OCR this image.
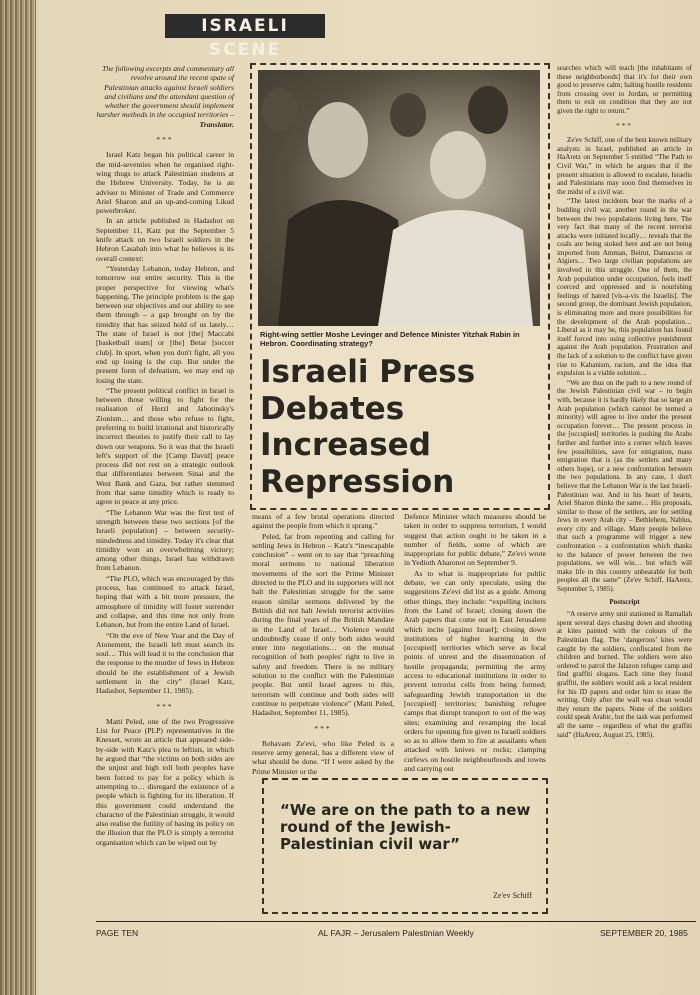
ISRAELI SCENE

The following excerpts and commentary all revolve around the recent spate of Palestinian attacks against Israeli soldiers and civilians and the attendant question of whether the government should implement harsher methods in the occupied territories – Translator.

***

Israel Katz began his political career in the mid-seventies when he organised right-wing thugs to attack Palestinian students at the Hebrew University. Today, he is an adviser to Minister of Trade and Commerce Ariel Sharon and an up-and-coming Likud powerbroker.

In an article published in Hadashot on September 11, Katz put the September 5 knife attack on two Israeli soldiers in the Hebron Casabah into what he believes is its overall context:

“Yesterday Lebanon, today Hebron, and tomorrow our entire security. This is the proper perspective for viewing what's happening. The principle problem is the gap between our objectives and our ability to see them through – a gap brought on by the timidity that has seized hold of us lately… The state of Israel is not [the] Maccabi [basketball team] or [the] Betar [soccer club]. In sport, when you don't fight, all you end up losing is the cup. But under the present form of defeatism, we may end up losing the state.

“The present political conflict in Israel is between those willing to fight for the realisation of Herzl and Jabotinsky's Zionism… and those who refuse to fight, preferring to build irrational and historically incorrect theories to justify their call to lay down our weapons. So it was that the Israeli left's support of the [Camp David] peace process did not rest on a strategic outlook that differentiates between Sinai and the West Bank and Gaza, but rather stemmed from that same timidity which is ready to agree to peace at any price.

“The Lebanon War was the first test of strength between these two sections [of the Israeli population] – between security-mindedness and timidity. Today it's clear that timidity won an overwhelming victory; among other things, Israel has withdrawn from Lebanon.

“The PLO, which was encouraged by this process, has continued to attack Israel, hoping that with a bit more pressure, the atmosphere of timidity will foster surrender and collapse, and this time not only from Lebanon, but from the entire Land of Israel.

“On the eve of New Year and the Day of Atonement, the Israeli left must search its soul… This will lead it to the conclusion that the response to the murder of Jews in Hebron should be the establishment of a Jewish settlement in the city” (Israel Katz, Hadashot, September 11, 1985).

***

Matti Peled, one of the two Progressive List for Peace (PLP) representatives in the Knesset, wrote an article that appeared side-by-side with Katz's plea to leftists, in which he argued that “the victims on both sides are the unjust and high toll both peoples have been forced to pay for a policy which is attempting to… disregard the existence of a people which is fighting for its liberation. If this government could understand the character of the Palestinian struggle, it would also realise the futility of basing its policy on the illusion that the PLO is simply a terrorist organisation which can be wiped out by

Right-wing settler Moshe Levinger and Defence Minister Yitzhak Rabin in Hebron. Coordinating strategy?
Israeli Press
Debates
Increased
Repression

means of a few brutal operations directed against the people from which it sprang.”

Peled, far from repenting and calling for settling Jews in Hebron – Katz's “inescapable conclusion” – went on to say that “preaching moral sermons to national liberation movements of the sort the Prime Minister directed to the PLO and its supporters will not halt the Palestinian struggle for the same reason similar sermons delivered by the British did not halt Jewish terrorist activities during the final years of the British Mandate in the Land of Israel… Violence would undoubtedly cease if only both sides would enter into negotiations… on the mutual recognition of both peoples' right to live in safety and freedom. There is no military solution to the conflict with the Palestinian people. But until Israel agrees to this, terrorism will continue and both sides will continue to perpetrate violence” (Matti Peled, Hadashot, September 11, 1985).

***

Rehavam Ze'evi, who like Peled is a reserve army general, has a different view of what should be done. “If I were asked by the Prime Minister or the

Defence Minister which measures should be taken in order to suppress terrorism, I would suggest that action ought to be taken in a number of fields, some of which are inappropriate for public debate,” Ze'evi wrote in Yedioth Aharonot on September 9.

As to what is inappropriate for public debate, we can only speculate, using the suggestions Ze'evi did list as a guide. Among other things, they include: “expelling inciters from the Land of Israel; closing down the Arab papers that come out in East Jerusalem which incite [against Israel]; closing down institutions of higher learning in the [occupied] territories which serve as focal points of unrest and the dissemination of hostile propaganda; permitting the army access to educational institutions in order to prevent terrorist cells from being formed; safeguarding Jewish transportation in the [occupied] territories; banishing refugee camps that disrupt transport to out of the way sites; examining and revamping the local orders for opening fire given to Israeli soldiers so as to allow them to fire at assailants when attacked with knives or rocks; clamping curfews on hostile neighbourhoods and towns and carrying out

“We are on the path to a new round of the Jewish-Palestinian civil war”
Ze'ev Schiff

searches which will teach [the inhabitants of these neighborhoods] that it's for their own good to preserve calm; halting hostile residents from crossing over to Jordan, or permitting them to exit on condition that they are not given the right to return.”

***

Ze'ev Schiff, one of the best known military analysts in Israel, published an article in HaAretz on September 5 entitled “The Path to Civil War,” in which he argues that if the present situation is allowed to escalate, Israelis and Palestinians may soon find themselves in the midst of a civil war.

“The latest incidents bear the marks of a budding civil war, another round in the war between the two populations living here. The very fact that many of the recent terrorist attacks were initiated locally… reveals that the coals are being stoked here and are not being imported from Amman, Beirut, Damascus or Algiers… Two large civilian populations are involved in this struggle. One of them, the Arab population under occupation, feels itself coerced and oppressed and is nourishing feelings of hatred [vis-a-vis the Israelis]. The second group, the dominant Jewish population, is eliminating more and more possibilities for the development of the Arab population… Liberal as it may be, this population has found itself forced into using collective punishment against the Arab population. Frustration and the lack of a solution to the conflict have given rise to Kahanism, racism, and the idea that expulsion is a viable solution…

“We are thus on the path to a new round of the Jewish Palestinian civil war – to begin with, because it is hardly likely that so large an Arab population (which cannot be termed a minority) will agree to live under the present occupation forever… The present process in the [occupied] territories is pushing the Arabs further and further into a corner which leaves few possibilities, save for emigration, mass emigration that is (as the settlers and many others hope), or a new confrontation between the two populations. In any case, I don't believe that the Lebanon War is the last Israeli-Palestinian war. And in his heart of hearts, Ariel Sharon thinks the same… His proposals, similar to those of the settlers, are for settling Jews in every Arab city – Bethlehem, Nablus, every city and village. Many people believe that such a programme will trigger a new confrontation – a confrontation which thanks to the balance of power between the two populations, we will win… but which will make life in this country unbearable for both peoples all the same” (Ze'ev Schiff, HaAretz, September 5, 1985).

Postscript

“A reserve army unit stationed in Ramallah spent several days chasing down and shooting at kites painted with the colours of the Palestinian flag. The ‘dangerous’ kites were caught by the soldiers, confiscated from the children and burned. The soldiers were also ordered to patrol the Jalazon refugee camp and find graffiti slogans. Each time they found graffiti, the soldiers would ask a local resident for his ID papers and order him to erase the writing. Only after the wall was clean would they return the papers. None of the soldiers could speak Arabic, but the task was performed all the same – regardless of what the graffiti said” (HaAretz, August 25, 1985).

PAGE TEN	AL FAJR – Jerusalem Palestinian Weekly	SEPTEMBER 20, 1985
